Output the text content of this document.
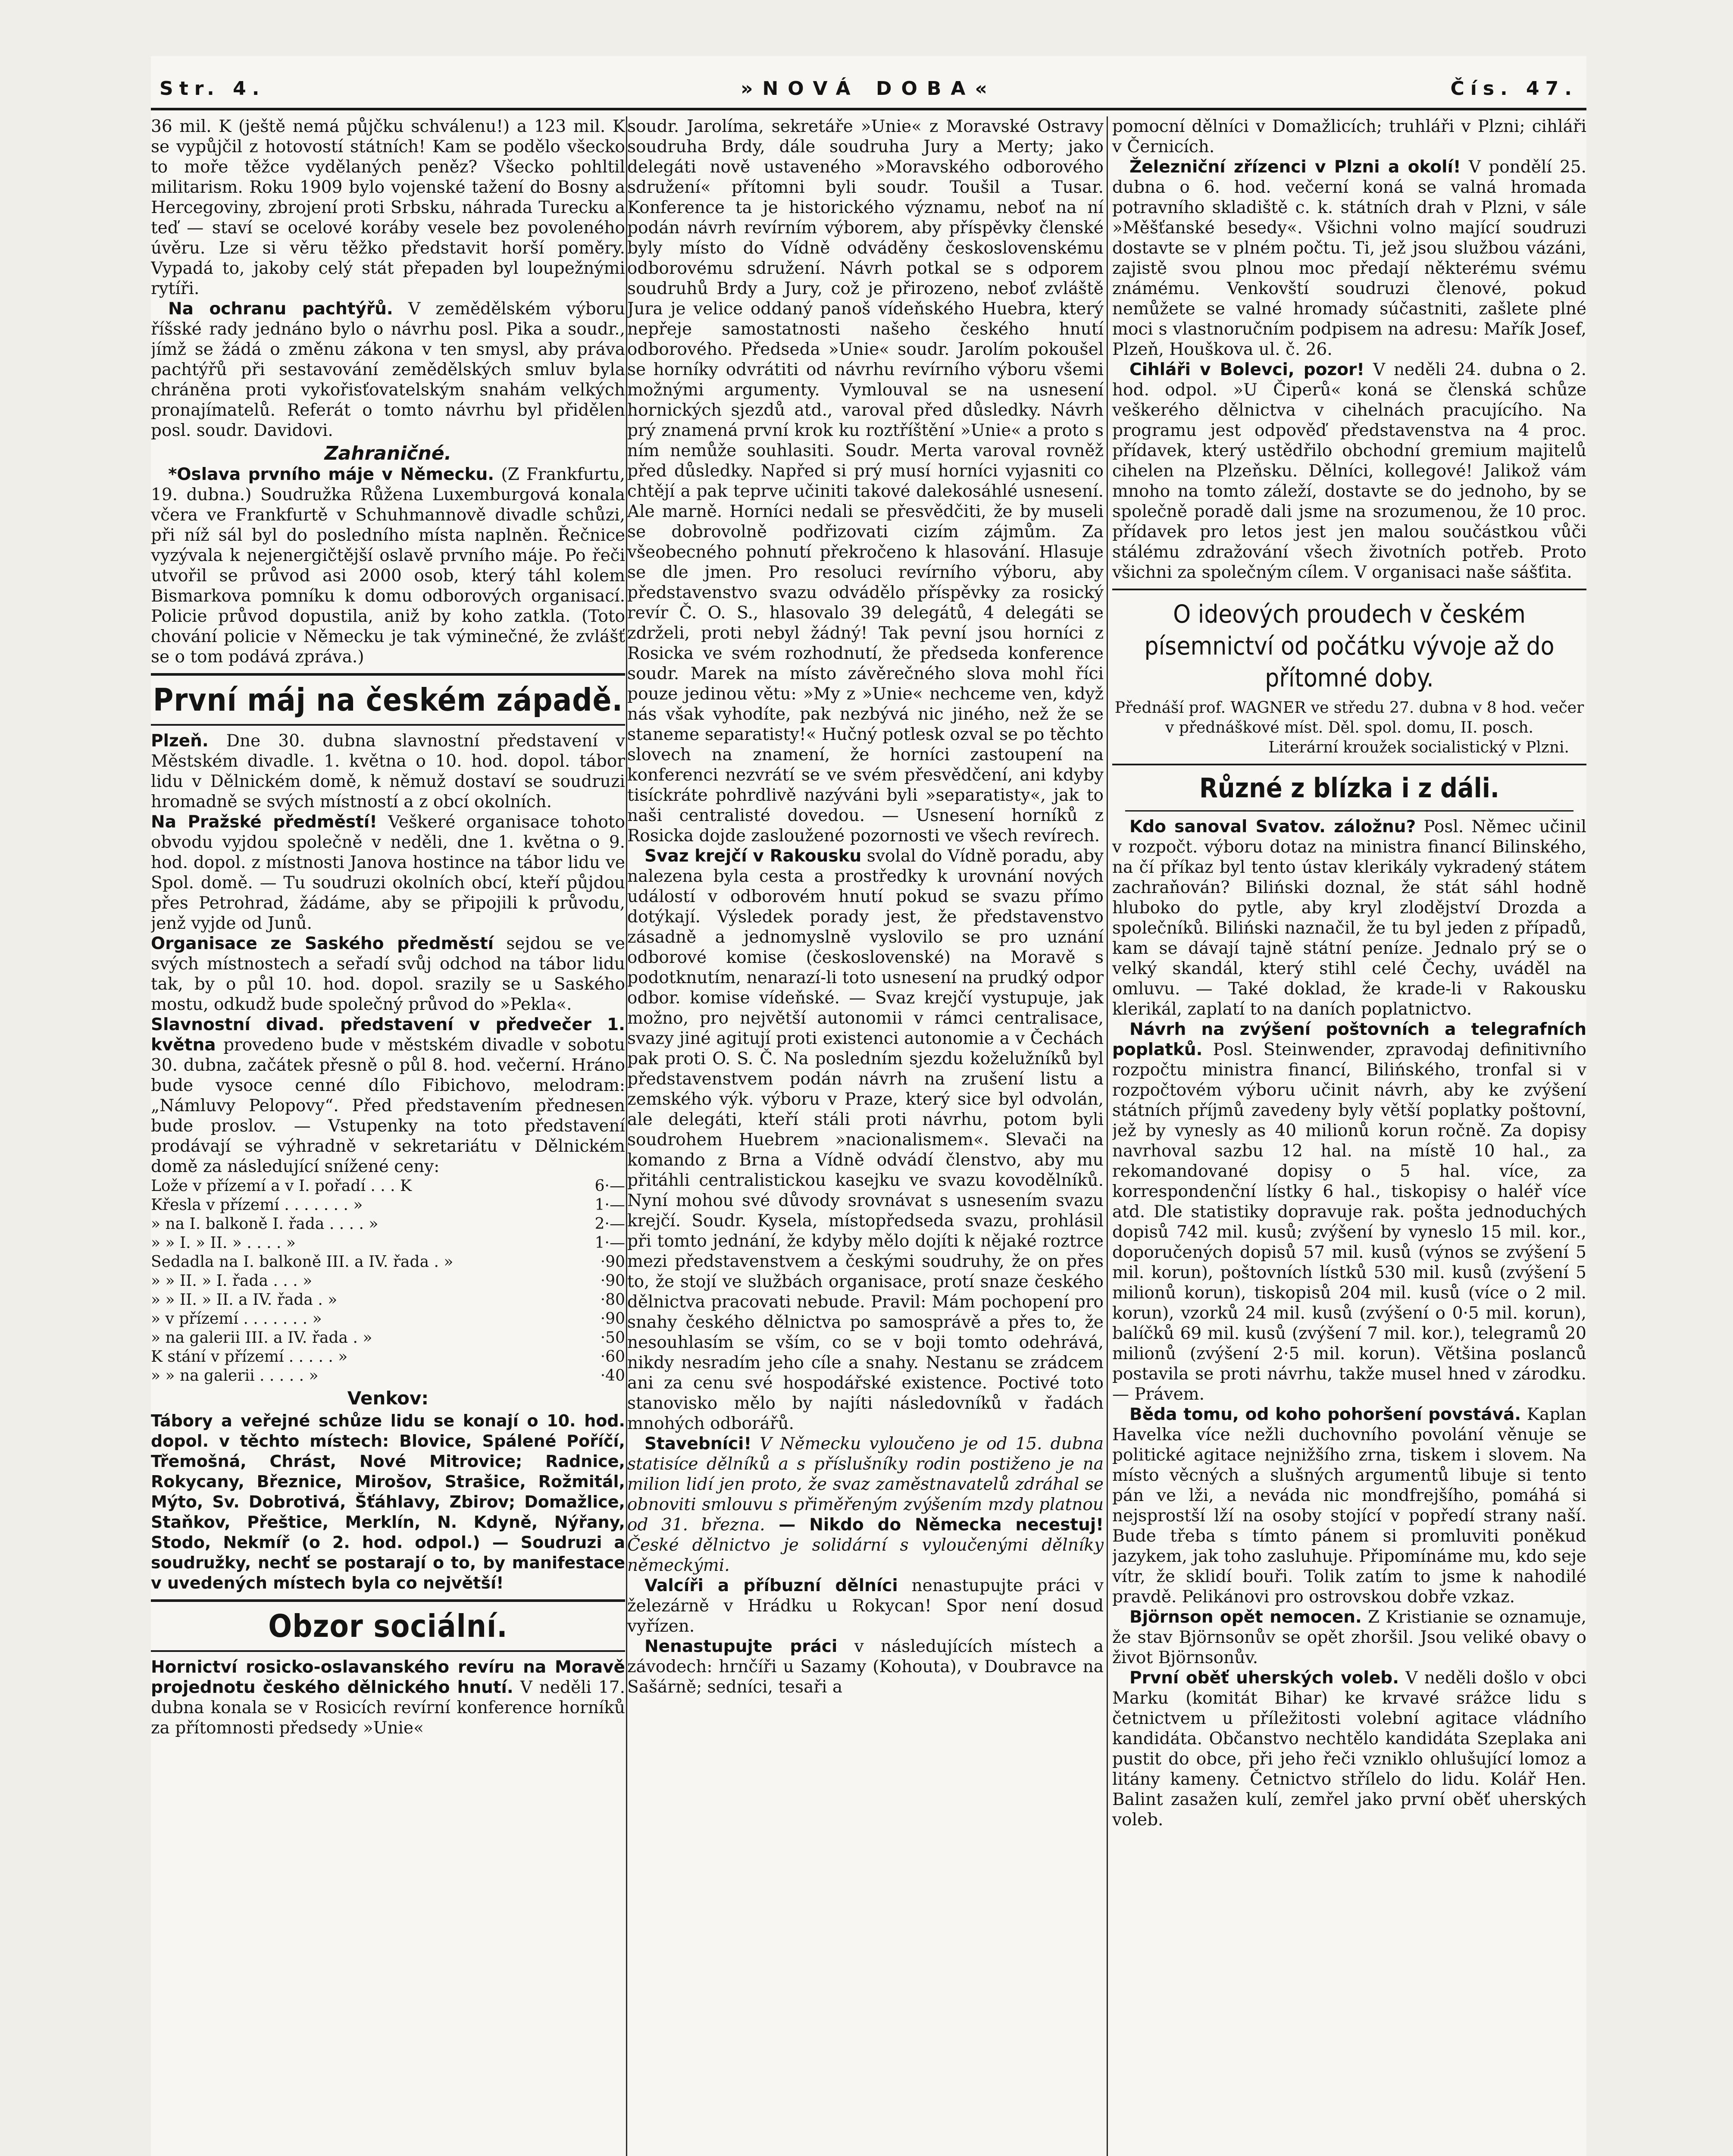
Str. 4.	»NOVÁ DOBA«	Čís. 47.

36 mil. K (ještě nemá půjčku schválenu!) a 123 mil. K se vypůjčil z hotovostí státních! Kam se podělo všecko to moře těžce vydělaných peněz? Všecko pohltil militarism. Roku 1909 bylo vojenské tažení do Bosny a Hercegoviny, zbrojení proti Srbsku, náhrada Turecku a teď — staví se ocelové koráby vesele bez povoleného úvěru. Lze si věru těžko představit horší poměry. Vypadá to, jakoby celý stát přepaden byl loupežnými rytíři.

Na ochranu pachtýřů. V zemědělském výboru říšské rady jednáno bylo o návrhu posl. Pika a soudr., jímž se žádá o změnu zákona v ten smysl, aby práva pachtýřů při sestavování zemědělských smluv byla chráněna proti vykořisťovatelským snahám velkých pronajímatelů. Referát o tomto návrhu byl přidělen posl. soudr. Davidovi.

Zahraničné.

*Oslava prvního máje v Německu. (Z Frankfurtu, 19. dubna.) Soudružka Růžena Luxemburgová konala včera ve Frankfurtě v Schuhmannově divadle schůzi, při níž sál byl do posledního místa naplněn. Řečnice vyzývala k nejenergičtější oslavě prvního máje. Po řeči utvořil se průvod asi 2000 osob, který táhl kolem Bismarkova pomníku k domu odborových organisací. Policie průvod dopustila, aniž by koho zatkla. (Toto chování policie v Německu je tak výminečné, že zvlášť se o tom podává zpráva.)

První máj na českém západě.

Plzeň. Dne 30. dubna slavnostní představení v Městském divadle. 1. května o 10. hod. dopol. tábor lidu v Dělnickém domě, k němuž dostaví se soudruzi hromadně se svých místností a z obcí okolních.

Na Pražské předměstí! Veškeré organisace tohoto obvodu vyjdou společně v neděli, dne 1. května o 9. hod. dopol. z místnosti Janova hostince na tábor lidu ve Spol. domě. — Tu soudruzi okolních obcí, kteří půjdou přes Petrohrad, žádáme, aby se připojili k průvodu, jenž vyjde od Junů.

Organisace ze Saského předměstí sejdou se ve svých místnostech a seřadí svůj odchod na tábor lidu tak, by o půl 10. hod. dopol. srazily se u Saského mostu, odkudž bude společný průvod do »Pekla«.

Slavnostní divad. představení v předvečer 1. května provedeno bude v městském divadle v sobotu 30. dubna, začátek přesně o půl 8. hod. večerní. Hráno bude vysoce cenné dílo Fibichovo, melodram: „Námluvy Pelopovy“. Před představením přednesen bude proslov. — Vstupenky na toto představení prodávají se výhradně v sekretariátu v Dělnickém domě za následující snížené ceny:

Lože v přízemí a v I. pořadí . . . K	6·—
Křesla v přízemí . . . . . . . »	1·—
» na I. balkoně I. řada . . . . »	2·—
» » I. » II. » . . . . »	1·—
Sedadla na I. balkoně III. a IV. řada . »	·90
» » II. » I. řada . . . »	·90
» » II. » II. a IV. řada . »	·80
» v přízemí . . . . . . . »	·90
» na galerii III. a IV. řada . »	·50
K stání v přízemí . . . . . »	·60
» » na galerii . . . . . »	·40
Venkov:

Tábory a veřejné schůze lidu se konají o 10. hod. dopol. v těchto místech: Blovice, Spálené Poříčí, Třemošná, Chrást, Nové Mitrovice; Radnice, Rokycany, Březnice, Mirošov, Strašice, Rožmitál, Mýto, Sv. Dobrotivá, Šťáhlavy, Zbirov; Domažlice, Staňkov, Přeštice, Merklín, N. Kdyně, Nýřany, Stodo, Nekmíř (o 2. hod. odpol.) — Soudruzi a soudružky, nechť se postarají o to, by manifestace v uvedených místech byla co největší!

Obzor sociální.

Hornictví rosicko-oslavanského revíru na Moravě projednotu českého dělnického hnutí. V neděli 17. dubna konala se v Rosicích revírní konference horníků za přítomnosti předsedy »Unie«

soudr. Jarolíma, sekretáře »Unie« z Moravské Ostravy soudruha Brdy, dále soudruha Jury a Merty; jako delegáti nově ustaveného »Moravského odborového sdružení« přítomni byli soudr. Toušil a Tusar. Konference ta je historického významu, neboť na ní podán návrh revírním výborem, aby příspěvky členské byly místo do Vídně odváděny československému odborovému sdružení. Návrh potkal se s odporem soudruhů Brdy a Jury, což je přirozeno, neboť zvláště Jura je velice oddaný panoš vídeňského Huebra, který nepřeje samostatnosti našeho českého hnutí odborového. Předseda »Unie« soudr. Jarolím pokoušel se horníky odvrátiti od návrhu revírního výboru všemi možnými argumenty. Vymlouval se na usnesení hornických sjezdů atd., varoval před důsledky. Návrh prý znamená první krok ku roztříštění »Unie« a proto s ním nemůže souhlasiti. Soudr. Merta varoval rovněž před důsledky. Napřed si prý musí horníci vyjasniti co chtějí a pak teprve učiniti takové dalekosáhlé usnesení. Ale marně. Horníci nedali se přesvědčiti, že by museli se dobrovolně podřizovati cizím zájmům. Za všeobecného pohnutí překročeno k hlasování. Hlasuje se dle jmen. Pro resoluci revírního výboru, aby představenstvo svazu odvádělo příspěvky za rosický revír Č. O. S., hlasovalo 39 delegátů, 4 delegáti se zdrželi, proti nebyl žádný! Tak pevní jsou horníci z Rosicka ve svém rozhodnutí, že předseda konference soudr. Marek na místo závěrečného slova mohl říci pouze jedinou větu: »My z »Unie« nechceme ven, když nás však vyhodíte, pak nezbývá nic jiného, než že se staneme separatisty!« Hučný potlesk ozval se po těchto slovech na znamení, že horníci zastoupení na konferenci nezvrátí se ve svém přesvědčení, ani kdyby tisíckráte pohrdlivě nazýváni byli »separatisty«, jak to naši centralisté dovedou. — Usnesení horníků z Rosicka dojde zasloužené pozornosti ve všech revírech.

Svaz krejčí v Rakousku svolal do Vídně poradu, aby nalezena byla cesta a prostředky k urovnání nových událostí v odborovém hnutí pokud se svazu přímo dotýkají. Výsledek porady jest, že představenstvo zásadně a jednomyslně vyslovilo se pro uznání odborové komise (československé) na Moravě s podotknutím, nenarazí-li toto usnesení na prudký odpor odbor. komise vídeňské. — Svaz krejčí vystupuje, jak možno, pro největší autonomii v rámci centralisace, svazy jiné agitují proti existenci autonomie a v Čechách pak proti O. S. Č. Na posledním sjezdu koželužníků byl představenstvem podán návrh na zrušení listu a zemského výk. výboru v Praze, který sice byl odvolán, ale delegáti, kteří stáli proti návrhu, potom byli soudrohem Huebrem »nacionalismem«. Slevači na komando z Brna a Vídně odvádí členstvo, aby mu přitáhli centralistickou kasejku ve svazu kovodělníků. Nyní mohou své důvody srovnávat s usnesením svazu krejčí. Soudr. Kysela, místopředseda svazu, prohlásil při tomto jednání, že kdyby mělo dojíti k nějaké roztrce mezi představenstvem a českými soudruhy, že on přes to, že stojí ve službách organisace, protí snaze českého dělnictva pracovati nebude. Pravil: Mám pochopení pro snahy českého dělnictva po samosprávě a přes to, že nesouhlasím se vším, co se v boji tomto odehrává, nikdy nesradím jeho cíle a snahy. Nestanu se zrádcem ani za cenu své hospodářské existence. Poctivé toto stanovisko mělo by najíti následovníků v řadách mnohých odborářů.

Stavebníci! V Německu vyloučeno je od 15. dubna statisíce dělníků a s příslušníky rodin postiženo je na milion lidí jen proto, že svaz zaměstnavatelů zdráhal se obnoviti smlouvu s přiměřeným zvýšením mzdy platnou od 31. března. — Nikdo do Německa necestuj! České dělnictvo je solidární s vyloučenými dělníky německými.

Valcíři a příbuzní dělníci nenastupujte práci v železárně v Hrádku u Rokycan! Spor není dosud vyřízen.

Nenastupujte práci v následujících místech a závodech: hrnčíři u Sazamy (Kohouta), v Doubravce na Sašárně; sedníci, tesaři a

pomocní dělníci v Domažlicích; truhláři v Plzni; cihláři v Černicích.

Železniční zřízenci v Plzni a okolí! V pondělí 25. dubna o 6. hod. večerní koná se valná hromada potravního skladiště c. k. státních drah v Plzni, v sále »Měšťanské besedy«. Všichni volno mající soudruzi dostavte se v plném počtu. Ti, jež jsou službou vázáni, zajistě svou plnou moc předají některému svému známému. Venkovští soudruzi členové, pokud nemůžete se valné hromady súčastniti, zašlete plné moci s vlastnoručním podpisem na adresu: Mařík Josef, Plzeň, Houškova ul. č. 26.

Cihláři v Bolevci, pozor! V neděli 24. dubna o 2. hod. odpol. »U Čiperů« koná se členská schůze veškerého dělnictva v cihelnách pracujícího. Na programu jest odpověď představenstva na 4 proc. přídavek, který ustědřilo obchodní gremium majitelů cihelen na Plzeňsku. Dělníci, kollegové! Jalikož vám mnoho na tomto záleží, dostavte se do jednoho, by se společně poradě dali jsme na srozumenou, že 10 proc. přídavek pro letos jest jen malou součástkou vůči stálému zdražování všech životních potřeb. Proto všichni za společným cílem. V organisaci naše sášťita.

O ideových proudech v českém písemnictví od počátku vývoje až do přítomné doby.
Přednáší prof. WAGNER ve středu 27. dubna v 8 hod. večer v přednáškové míst. Děl. spol. domu, II. posch.
Literární kroužek socialistický v Plzni.
Různé z blízka i z dáli.

Kdo sanoval Svatov. záložnu? Posl. Němec učinil v rozpočt. výboru dotaz na ministra financí Bilinského, na čí příkaz byl tento ústav klerikály vykradený státem zachraňován? Biliński doznal, že stát sáhl hodně hluboko do pytle, aby kryl zlodějství Drozda a společníků. Biliński naznačil, že tu byl jeden z případů, kam se dávají tajně státní peníze. Jednalo prý se o velký skandál, který stihl celé Čechy, uváděl na omluvu. — Také doklad, že krade-li v Rakousku klerikál, zaplatí to na daních poplatnictvo.

Návrh na zvýšení poštovních a telegrafních poplatků. Posl. Steinwender, zpravodaj definitivního rozpočtu ministra financí, Bilińského, tronfal si v rozpočtovém výboru učinit návrh, aby ke zvýšení státních příjmů zavedeny byly větší poplatky poštovní, jež by vynesly as 40 milionů korun ročně. Za dopisy navrhoval sazbu 12 hal. na místě 10 hal., za rekomandované dopisy o 5 hal. více, za korrespondenční lístky 6 hal., tiskopisy o haléř více atd. Dle statistiky dopravuje rak. pošta jednoduchých dopisů 742 mil. kusů; zvýšení by vyneslo 15 mil. kor., doporučených dopisů 57 mil. kusů (výnos se zvýšení 5 mil. korun), poštovních lístků 530 mil. kusů (zvýšení 5 milionů korun), tiskopisů 204 mil. kusů (více o 2 mil. korun), vzorků 24 mil. kusů (zvýšení o 0·5 mil. korun), balíčků 69 mil. kusů (zvýšení 7 mil. kor.), telegramů 20 milionů (zvýšení 2·5 mil. korun). Většina poslanců postavila se proti návrhu, takže musel hned v zárodku. — Právem.

Běda tomu, od koho pohoršení povstává. Kaplan Havelka více nežli duchovního povolání věnuje se politické agitace nejnižšího zrna, tiskem i slovem. Na místo věcných a slušných argumentů libuje si tento pán ve lži, a neváda nic mondfrejšího, pomáhá si nejsprostší lží na osoby stojící v popředí strany naší. Bude třeba s tímto pánem si promluviti poněkud jazykem, jak toho zasluhuje. Připomínáme mu, kdo seje vítr, že sklidí bouři. Tolik zatím to jsme k nahodilé pravdě. Pelikánovi pro ostrovskou dobře vzkaz.

Björnson opět nemocen. Z Kristianie se oznamuje, že stav Björnsonův se opět zhoršil. Jsou veliké obavy o život Björnsonův.

První oběť uherských voleb. V neděli došlo v obci Marku (komitát Bihar) ke krvavé srážce lidu s četnictvem u příležitosti volební agitace vládního kandidáta. Občanstvo nechtělo kandidáta Szeplaka ani pustit do obce, při jeho řeči vzniklo ohlušující lomoz a litány kameny. Četnictvo střílelo do lidu. Kolář Hen. Balint zasažen kulí, zemřel jako první oběť uherských voleb.
